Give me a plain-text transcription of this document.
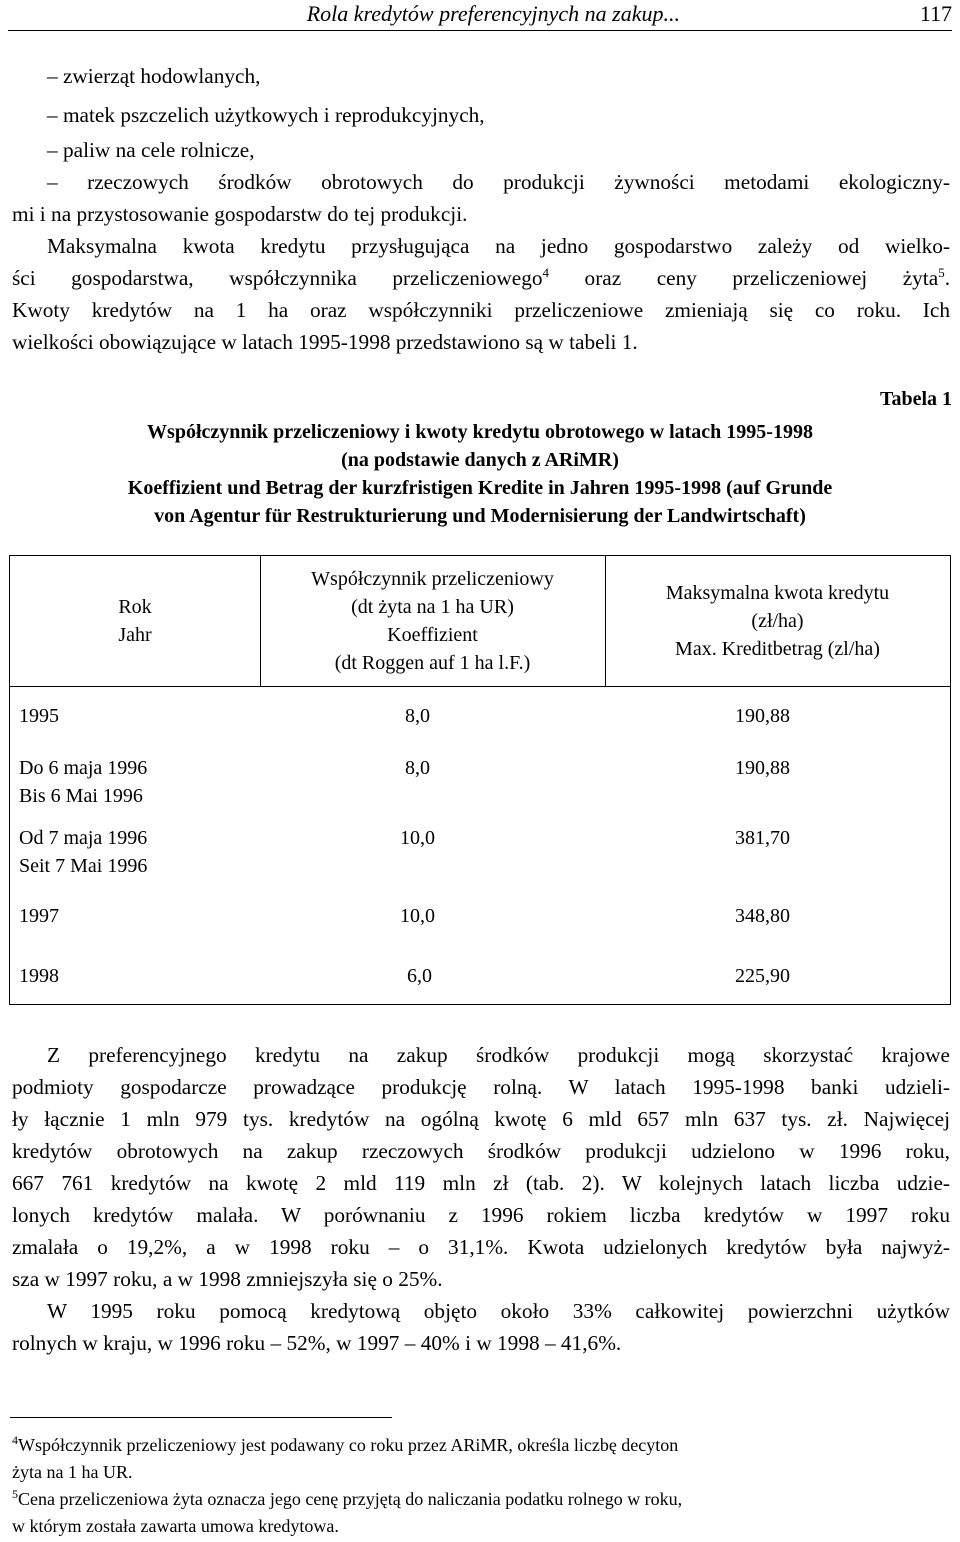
Rola kredytów preferencyjnych na zakup...	117
– zwierząt hodowlanych,
– matek pszczelich użytkowych i reprodukcyjnych,
– paliw na cele rolnicze,
– rzeczowych środków obrotowych do produkcji żywności metodami ekologiczny-
mi i na przystosowanie gospodarstw do tej produkcji.
Maksymalna kwota kredytu przysługująca na jedno gospodarstwo zależy od wielko-
ści gospodarstwa, współczynnika przeliczeniowego$^4$ oraz ceny przeliczeniowej żyta$^5$.
Kwoty kredytów na 1 ha oraz współczynniki przeliczeniowe zmieniają się co roku. Ich
wielkości obowiązujące w latach 1995-1998 przedstawiono są w tabeli 1.
Tabela 1
Współczynnik przeliczeniowy i kwoty kredytu obrotowego w latach 1995-1998
(na podstawie danych z ARiMR)
Koeffizient und Betrag der kurzfristigen Kredite in Jahren 1995-1998 (auf Grunde
von Agentur für Restrukturierung und Modernisierung der Landwirtschaft)
Rok
Jahr
Współczynnik przeliczeniowy
(dt żyta na 1 ha UR)
Koeffizient
(dt Roggen auf 1 ha l.F.)
Maksymalna kwota kredytu
(zł/ha)
Max. Kreditbetrag (zl/ha)
1995	8,0	190,88
Do 6 maja 1996
Bis 6 Mai 1996
8,0	190,88
Od 7 maja 1996
Seit 7 Mai 1996
10,0	381,70
1997	10,0	348,80
1998	6,0	225,90
Z preferencyjnego kredytu na zakup środków produkcji mogą skorzystać krajowe
podmioty gospodarcze prowadzące produkcję rolną. W latach 1995-1998 banki udzieli-
ły łącznie 1 mln 979 tys. kredytów na ogólną kwotę 6 mld 657 mln 637 tys. zł. Najwięcej
kredytów obrotowych na zakup rzeczowych środków produkcji udzielono w 1996 roku,
667 761 kredytów na kwotę 2 mld 119 mln zł (tab. 2). W kolejnych latach liczba udzie-
lonych kredytów malała. W porównaniu z 1996 rokiem liczba kredytów w 1997 roku
zmalała o 19,2%, a w 1998 roku – o 31,1%. Kwota udzielonych kredytów była najwyż-
sza w 1997 roku, a w 1998 zmniejszyła się o 25%.
W 1995 roku pomocą kredytową objęto około 33% całkowitej powierzchni użytków
rolnych w kraju, w 1996 roku – 52%, w 1997 – 40% i w 1998 – 41,6%.
$^4$Współczynnik przeliczeniowy jest podawany co roku przez ARiMR, określa liczbę decyton
żyta na 1 ha UR.
$^5$Cena przeliczeniowa żyta oznacza jego cenę przyjętą do naliczania podatku rolnego w roku,
w którym została zawarta umowa kredytowa.
